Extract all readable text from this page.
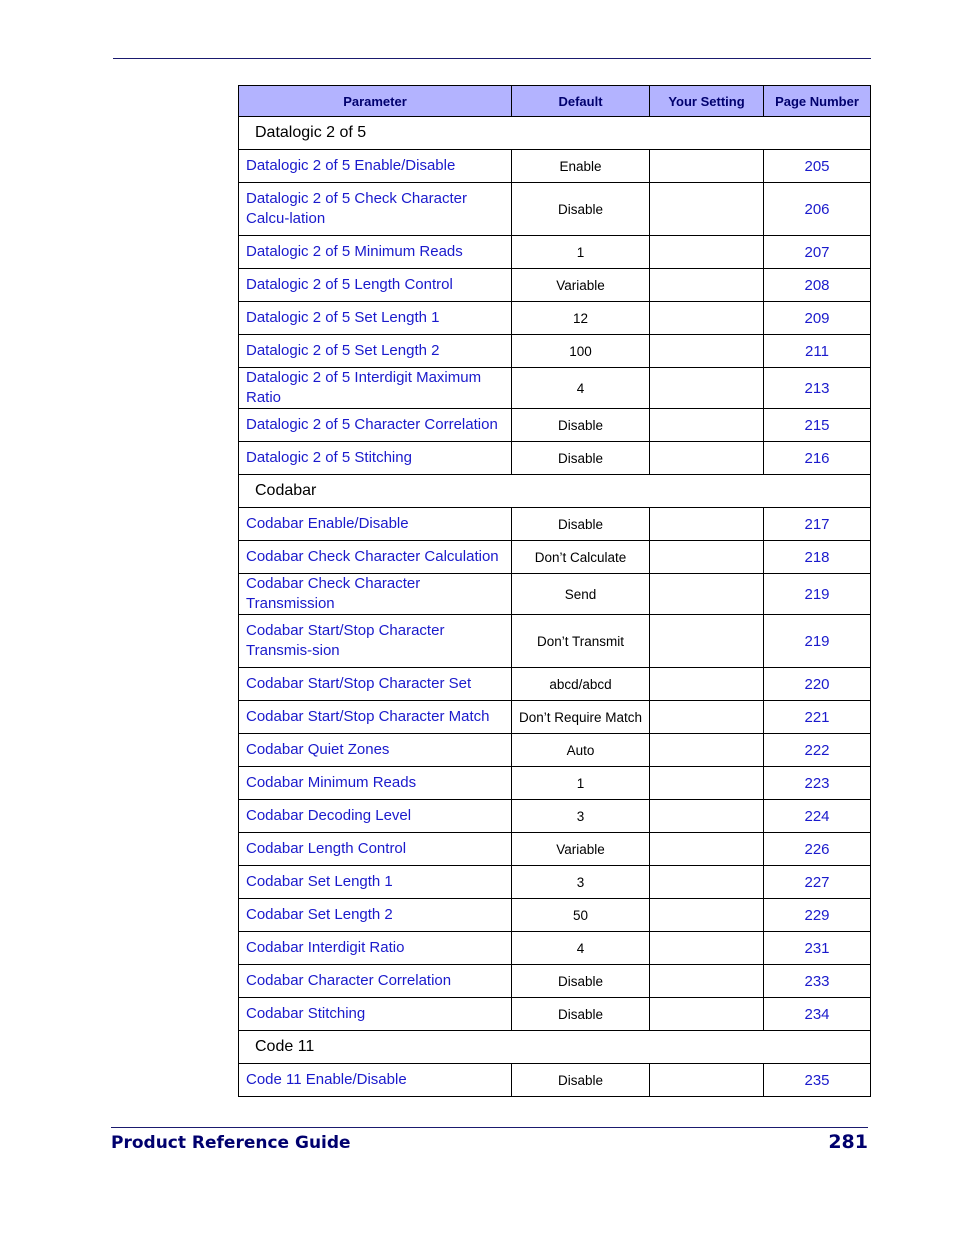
Parameter	Default	Your Setting	Page Number
Datalogic 2 of 5			
Datalogic 2 of 5 Enable/Disable	Enable		205
Datalogic 2 of 5 Check Character Calcu-lation	Disable		206
Datalogic 2 of 5 Minimum Reads	1		207
Datalogic 2 of 5 Length Control	Variable		208
Datalogic 2 of 5 Set Length 1	12		209
Datalogic 2 of 5 Set Length 2	100		211
Datalogic 2 of 5 Interdigit Maximum Ratio	4		213
Datalogic 2 of 5 Character Correlation	Disable		215
Datalogic 2 of 5 Stitching	Disable		216
Codabar			
Codabar Enable/Disable	Disable		217
Codabar Check Character Calculation	Don’t Calculate		218
Codabar Check Character Transmission	Send		219
Codabar Start/Stop Character Transmis-sion	Don’t Transmit		219
Codabar Start/Stop Character Set	abcd/abcd		220
Codabar Start/Stop Character Match	Don’t Require Match		221
Codabar Quiet Zones	Auto		222
Codabar Minimum Reads	1		223
Codabar Decoding Level	3		224
Codabar Length Control	Variable		226
Codabar Set Length 1	3		227
Codabar Set Length 2	50		229
Codabar Interdigit Ratio	4		231
Codabar Character Correlation	Disable		233
Codabar Stitching	Disable		234
Code 11			
Code 11 Enable/Disable	Disable		235
Product Reference Guide	281
